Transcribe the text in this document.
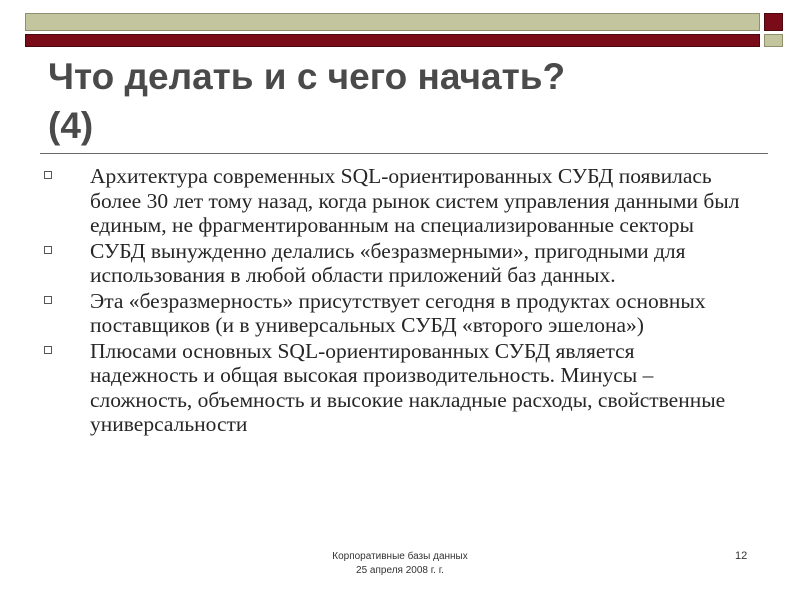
Что делать и с чего начать?
(4)
Архитектура современных SQL-ориентированных СУБД появилась более 30 лет тому назад, когда рынок систем управления данными был единым, не фрагментированным на специализированные секторы
СУБД вынужденно делались «безразмерными», пригодными для использования в любой области приложений баз данных.
Эта «безразмерность» присутствует сегодня в продуктах основных поставщиков (и в универсальных СУБД «второго эшелона»)
Плюсами основных SQL-ориентированных СУБД является надежность и общая высокая производительность. Минусы – сложность, объемность и высокие накладные расходы, свойственные универсальности
Корпоративные базы данных
25 апреля 2008 г. г.
12
